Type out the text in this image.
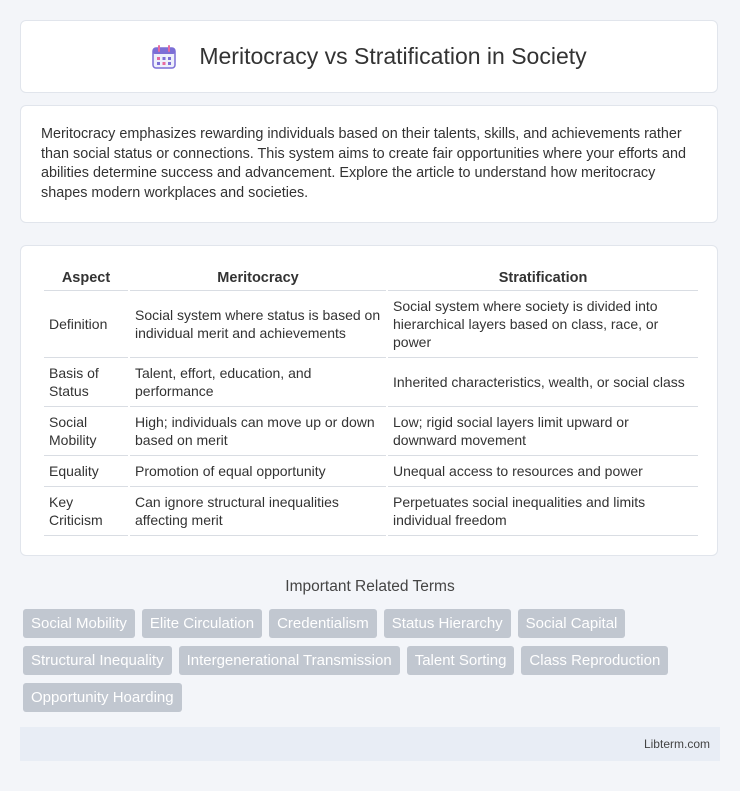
Meritocracy vs Stratification in Society

Meritocracy emphasizes rewarding individuals based on their talents, skills, and achievements rather than social status or connections. This system aims to create fair opportunities where your efforts and abilities determine success and advancement. Explore the article to understand how meritocracy shapes modern workplaces and societies.

Aspect	Meritocracy	Stratification
Definition	Social system where status is based on individual merit and achievements	Social system where society is divided into hierarchical layers based on class, race, or power
Basis of Status	Talent, effort, education, and performance	Inherited characteristics, wealth, or social class
Social Mobility	High; individuals can move up or down based on merit	Low; rigid social layers limit upward or downward movement
Equality	Promotion of equal opportunity	Unequal access to resources and power
Key Criticism	Can ignore structural inequalities affecting merit	Perpetuates social inequalities and limits individual freedom
Important Related Terms
Social Mobility	Elite Circulation	Credentialism	Status Hierarchy	Social Capital
Structural Inequality	Intergenerational Transmission	Talent Sorting	Class Reproduction
Opportunity Hoarding
Libterm.com
